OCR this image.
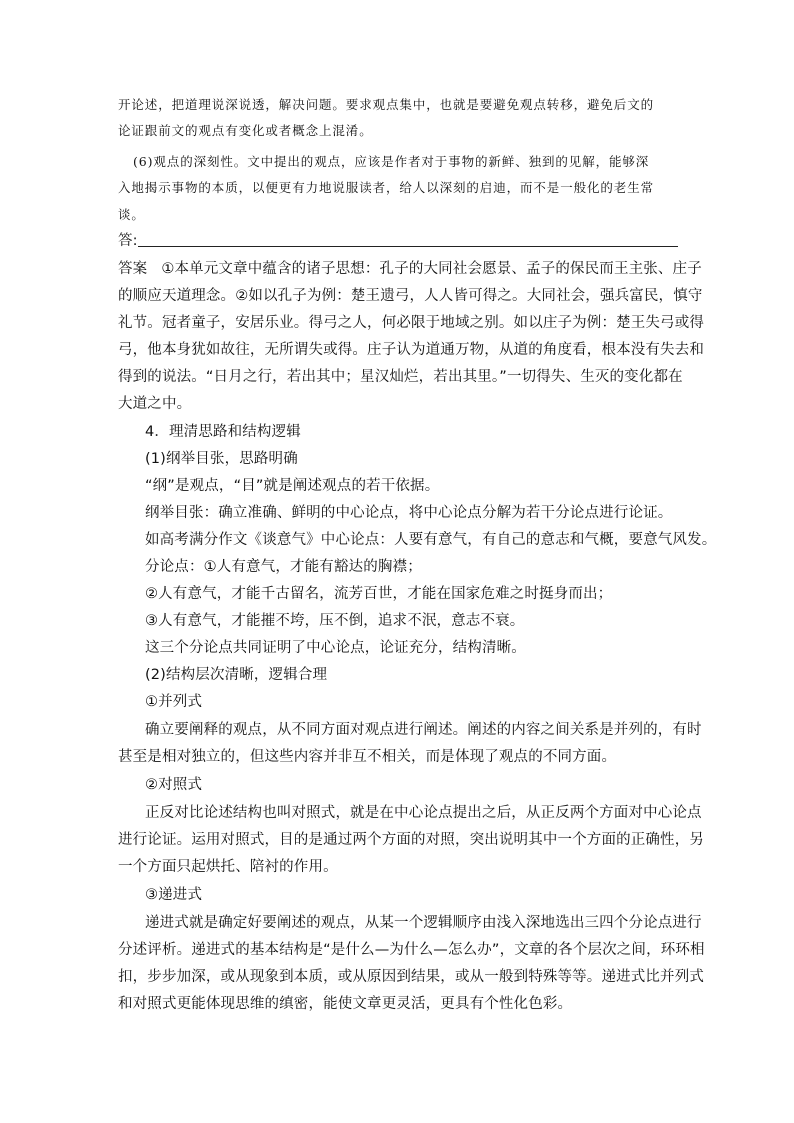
开论述，把道理说深说透，解决问题。要求观点集中，也就是要避免观点转移，避免后文的
论证跟前文的观点有变化或者概念上混淆。
(6)观点的深刻性。文中提出的观点，应该是作者对于事物的新鲜、独到的见解，能够深
入地揭示事物的本质，以便更有力地说服读者，给人以深刻的启迪，而不是一般化的老生常
谈。
答:
答案 ①本单元文章中蕴含的诸子思想：孔子的大同社会愿景、孟子的保民而王主张、庄子
的顺应天道理念。②如以孔子为例：楚王遗弓，人人皆可得之。大同社会，强兵富民，慎守
礼节。冠者童子，安居乐业。得弓之人，何必限于地域之别。如以庄子为例：楚王失弓或得
弓，他本身犹如故往，无所谓失或得。庄子认为道通万物，从道的角度看，根本没有失去和
得到的说法。“日月之行，若出其中；星汉灿烂，若出其里。”一切得失、生灭的变化都在
大道之中。
4．理清思路和结构逻辑
(1)纲举目张，思路明确
“纲”是观点，“目”就是阐述观点的若干依据。
纲举目张：确立准确、鲜明的中心论点，将中心论点分解为若干分论点进行论证。
如高考满分作文《谈意气》中心论点：人要有意气，有自己的意志和气概，要意气风发。
分论点：①人有意气，才能有豁达的胸襟；
②人有意气，才能千古留名，流芳百世，才能在国家危难之时挺身而出；
③人有意气，才能摧不垮，压不倒，追求不泯，意志不衰。
这三个分论点共同证明了中心论点，论证充分，结构清晰。
(2)结构层次清晰，逻辑合理
①并列式
确立要阐释的观点，从不同方面对观点进行阐述。阐述的内容之间关系是并列的，有时
甚至是相对独立的，但这些内容并非互不相关，而是体现了观点的不同方面。
②对照式
正反对比论述结构也叫对照式，就是在中心论点提出之后，从正反两个方面对中心论点
进行论证。运用对照式，目的是通过两个方面的对照，突出说明其中一个方面的正确性，另
一个方面只起烘托、陪衬的作用。
③递进式
递进式就是确定好要阐述的观点，从某一个逻辑顺序由浅入深地选出三四个分论点进行
分述评析。递进式的基本结构是“是什么—为什么—怎么办”，文章的各个层次之间，环环相
扣，步步加深，或从现象到本质，或从原因到结果，或从一般到特殊等等。递进式比并列式
和对照式更能体现思维的缜密，能使文章更灵活，更具有个性化色彩。
